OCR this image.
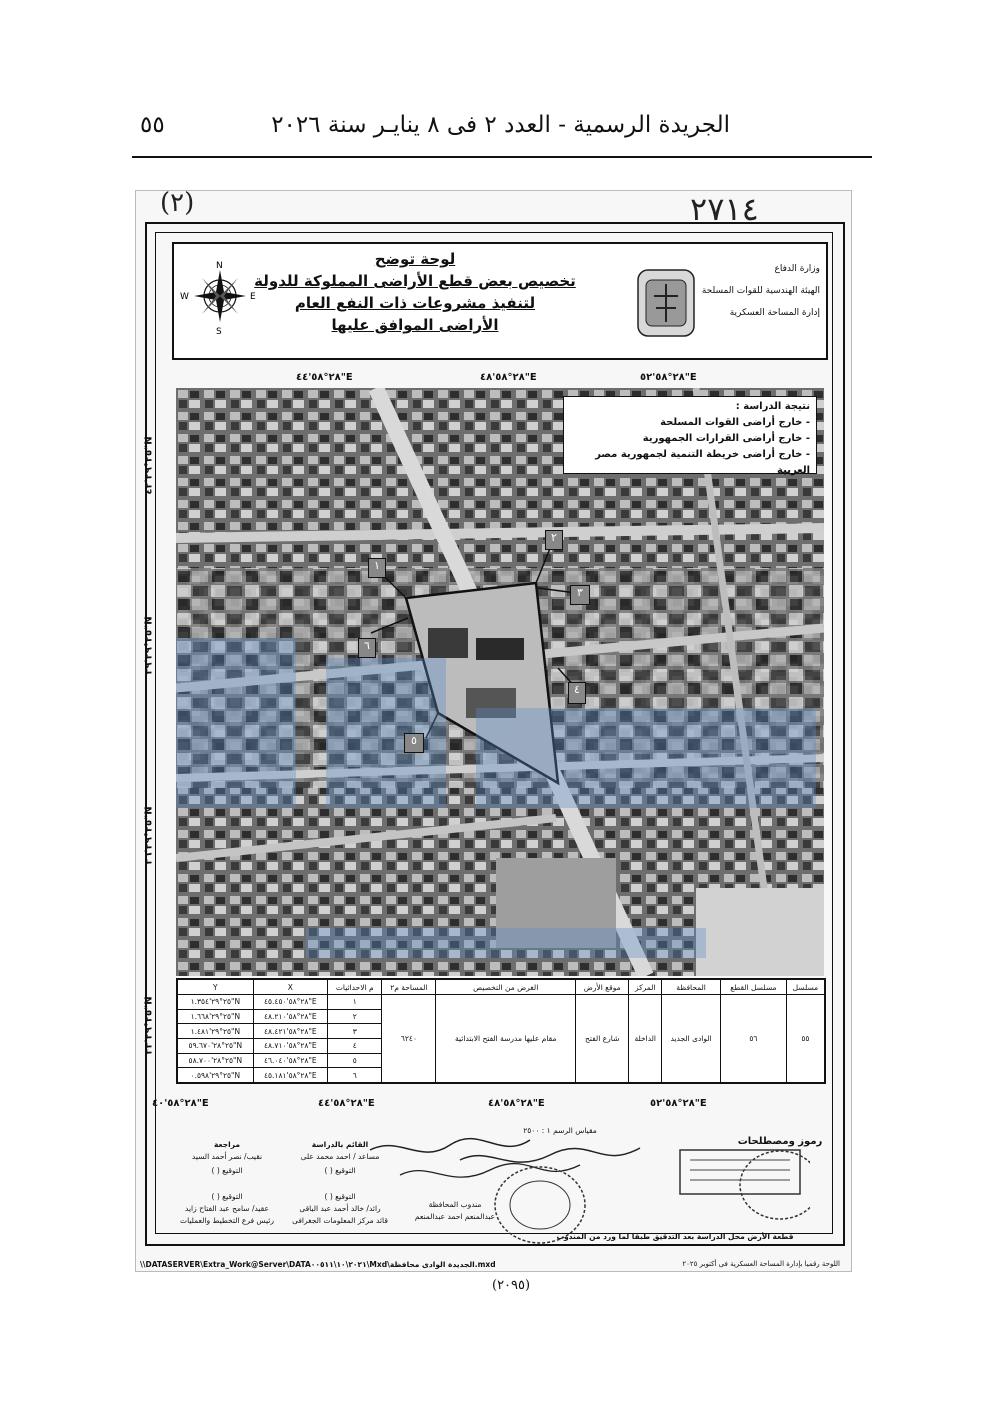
الجريدة الرسمية - العدد ٢ فى ٨ ينايـر سنة ٢٠٢٦
٥٥
(٢)	٢٧١٤
لوحة توضح
تخصيص بعض قطع الأراضى المملوكة للدولة
لتنفيذ مشروعات ذات النفع العام
الأراضى الموافق عليها
N
S
W	E
وزارة الدفاع
الهيئة الهندسية للقوات المسلحة
إدارة المساحة العسكرية
٢٨°٥٨'٤٤"E	٢٨°٥٨'٤٨"E	٢٨°٥٨'٥٢"E
٢٥°٢٩'٤٢"N
٢٥°٢٩'٣٩"N
٢٥°٢٩'٣٦"N
٢٥°٢٩'٣٣"N
١
٢
٣
٤
٥
٦
نتيجة الدراسة :
- خارج أراضى القوات المسلحة
- خارج أراضى القرارات الجمهورية
- خارج أراضى خريطة التنمية لجمهورية مصر العربية
مسلسل	مسلسل القطع	المحافظة	المركز	موقع الأرض	الغرض من التخصيص	المساحة م٢	م الاحداثيات	X	Y
٥٥	٥٦	الوادى الجديد	الداخلة	شارع الفتح	مقام عليها مدرسة الفتح الابتدائية	٦٢٤٠	١	٢٨°٥٨'٤٥.٤٥٠"E	٢٥°٢٩'١.٣٥٤"N
							٢	٢٨°٥٨'٤٨.٢١٠"E	٢٥°٢٩'١.٦٦٨"N
							٣	٢٨°٥٨'٤٨.٤٢١"E	٢٥°٢٩'١.٤٨١"N
							٤	٢٨°٥٨'٤٨.٧١٠"E	٢٥°٢٨'٥٩.٦٧٠"N
							٥	٢٨°٥٨'٤٦.٠٤٠"E	٢٥°٢٨'٥٨.٧٠٠"N
							٦	٢٨°٥٨'٤٥.١٨١"E	٢٥°٢٩'٠.٥٩٨"N
٢٨°٥٨'٤٠"E	٢٨°٥٨'٤٤"E	٢٨°٥٨'٤٨"E	٢٨°٥٨'٥٢"E
مقياس الرسم ١ : ٢٥٠٠
مراجعة
نقيب/ نصر أحمد السيد
التوقيع ( )
القائم بالدراسة
مساعد / احمد محمد على
التوقيع ( )
التوقيع ( )
عقيد/ سامح عبد الفتاح زايد
رئيس فرع التخطيط والعمليات
التوقيع ( )
رائد/ خالد أحمد عبد الباقى
قائد مركز المعلومات الجغرافى
مندوب المحافظة
عبدالمنعم احمد عبدالمنعم
رموز ومصطلحات
قطعة الأرض محل الدراسة بعد التدقيق طبقا لما ورد من المندوب
\\DATASERVER\Extra_Work@Server\DATA٢٠٢١\١٠\٠٠٥١١\Mxd\الجديدة الوادى محافظة.mxd	اللوحة رقميا بإدارة المساحة العسكرية فى أكتوبر ٢٠٢٥
(٢٠٩٥)
